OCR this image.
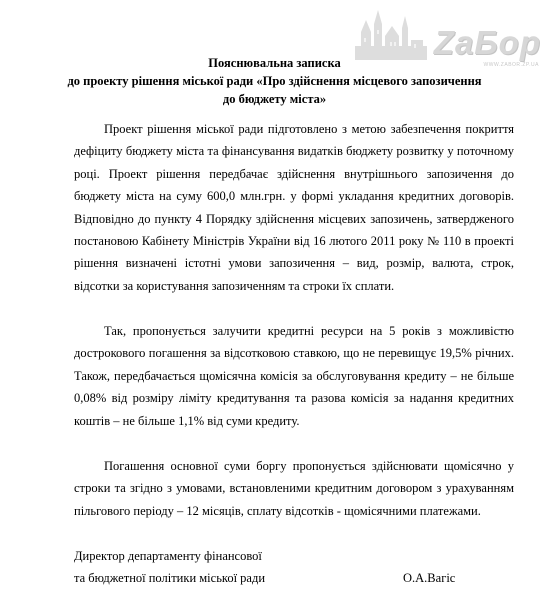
ZaБор
WWW.ZABOR.ZP.UA
Пояснювальна записка
до проекту рішення міської ради «Про здійснення місцевого запозичення
до бюджету міста»

Проект рішення міської ради підготовлено з метою забезпечення покриття дефіциту бюджету міста та фінансування видатків бюджету розвитку у поточному році. Проект рішення передбачає здійснення внутрішнього запозичення до бюджету міста на суму 600,0 млн.грн. у формі укладання кредитних договорів. Відповідно до пункту 4 Порядку здійснення місцевих запозичень, затвердженого постановою Кабінету Міністрів України від 16 лютого 2011 року № 110 в проекті рішення визначені істотні умови запозичення – вид, розмір, валюта, строк, відсотки за користування запозиченням та строки їх сплати.

Так, пропонується залучити кредитні ресурси на 5 років з можливістю дострокового погашення за відсотковою ставкою, що не перевищує 19,5% річних. Також, передбачається щомісячна комісія за обслуговування кредиту – не більше 0,08% від розміру ліміту кредитування та разова комісія за надання кредитних коштів – не більше 1,1% від суми кредиту.

Погашення основної суми боргу пропонується здійснювати щомісячно у строки та згідно з умовами, встановленими кредитним договором з урахуванням пільгового періоду – 12 місяців, сплату відсотків - щомісячними платежами.

Директор департаменту фінансової
та бюджетної політики міської ради	О.А.Вагіс
